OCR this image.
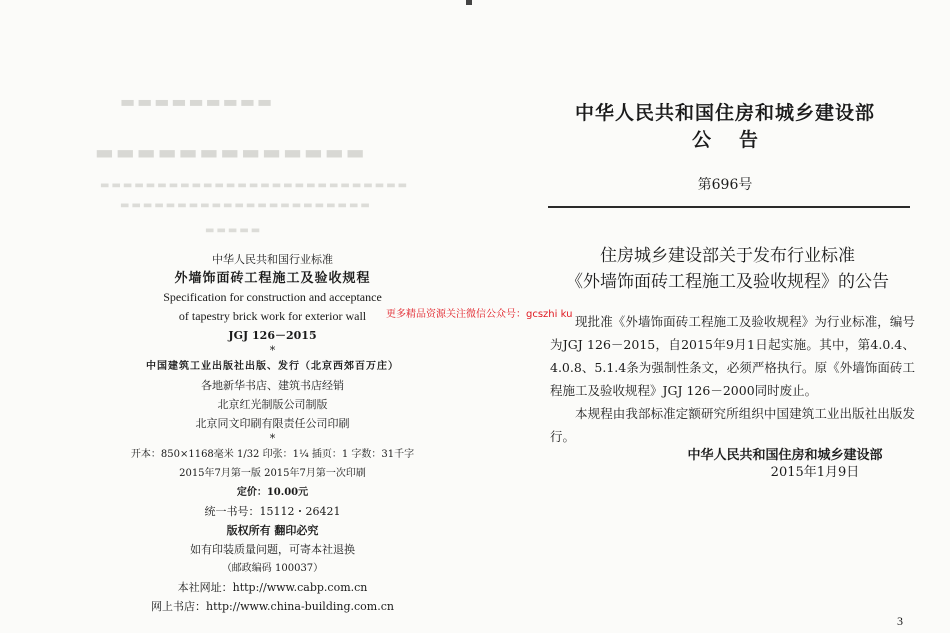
▬▬▬▬▬▬▬▬▬
▬▬▬▬▬▬▬▬▬▬▬▬▬
▬▬▬▬▬▬▬▬▬▬▬▬▬▬▬▬▬▬▬▬▬▬▬▬▬▬▬
▬▬▬▬▬▬▬▬▬▬▬▬▬▬▬▬▬▬▬▬▬▬
▬▬▬▬▬
中华人民共和国行业标准
外墙饰面砖工程施工及验收规程
Specification for construction and acceptance
of tapestry brick work for exterior wall
JGJ 126－2015
*
中国建筑工业出版社出版、发行（北京西郊百万庄）
各地新华书店、建筑书店经销
北京红光制版公司制版
北京同文印刷有限责任公司印刷
*
开本：850×1168毫米 1/32 印张：1¼ 插页：1 字数：31千字
2015年7月第一版 2015年7月第一次印刷
定价：10.00元
统一书号：15112・26421
版权所有 翻印必究
如有印装质量问题，可寄本社退换
（邮政编码 100037）
本社网址：http://www.cabp.com.cn
网上书店：http://www.china-building.com.cn
更多精品资源关注微信公众号：gcszhi ku
中华人民共和国住房和城乡建设部
公告
第696号
住房城乡建设部关于发布行业标准
《外墙饰面砖工程施工及验收规程》的公告

现批准《外墙饰面砖工程施工及验收规程》为行业标准，编号为JGJ 126－2015，自2015年9月1日起实施。其中，第4.0.4、4.0.8、5.1.4条为强制性条文，必须严格执行。原《外墙饰面砖工程施工及验收规程》JGJ 126－2000同时废止。

本规程由我部标准定额研究所组织中国建筑工业出版社出版发行。

中华人民共和国住房和城乡建设部
2015年1月9日
3
